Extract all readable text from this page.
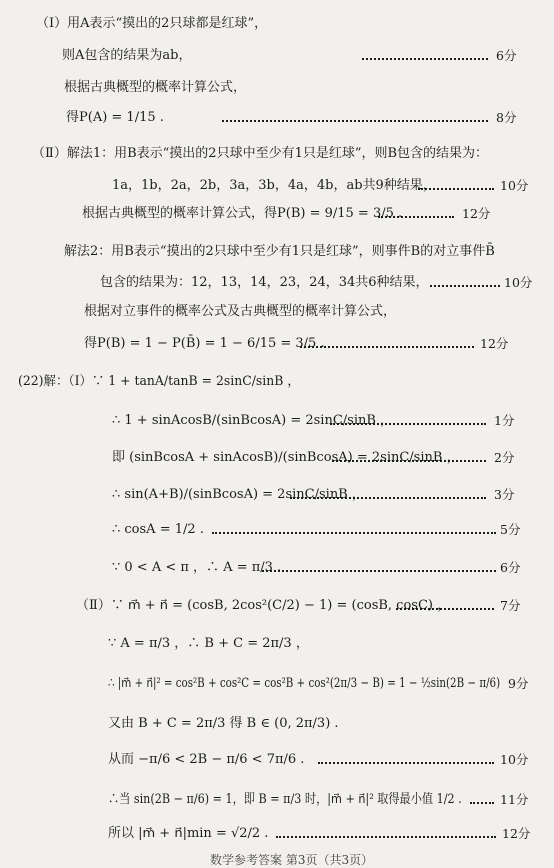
（Ⅰ）用A表示“摸出的2只球都是红球”，
则A包含的结果为ab，
根据古典概型的概率计算公式，
得P(A) = 1/15 .
（Ⅱ）解法1：用B表示“摸出的2只球中至少有1只是红球”，则B包含的结果为：
1a，1b，2a，2b，3a，3b，4a，4b，ab共9种结果，
根据古典概型的概率计算公式，得P(B) = 9/15 = 3/5 .
解法2：用B表示“摸出的2只球中至少有1只是红球”，则事件B的对立事件B̄
包含的结果为：12，13，14，23，24，34共6种结果，
根据对立事件的概率公式及古典概型的概率计算公式，
得P(B) = 1 − P(B̄) = 1 − 6/15 = 3/5 .
(22)解：（Ⅰ）∵ 1 + tanA/tanB = 2sinC/sinB ，
∴ 1 + sinAcosB/(sinBcosA) = 2sinC/sinB ，
即 (sinBcosA + sinAcosB)/(sinBcosA) = 2sinC/sinB ，
∴ sin(A+B)/(sinBcosA) = 2sinC/sinB ，
∴ cosA = 1/2 .
∵ 0 < A < π ，∴ A = π/3 .
（Ⅱ）∵ m⃗ + n⃗ = (cosB, 2cos²(C/2) − 1) = (cosB, cosC) ，
∵ A = π/3 ，∴ B + C = 2π/3 ，
∴ |m⃗ + n⃗|² = cos²B + cos²C = cos²B + cos²(2π/3 − B) = 1 − ½sin(2B − π/6)
又由 B + C = 2π/3 得 B ∈ (0, 2π/3) .
从而 −π/6 < 2B − π/6 < 7π/6 .
∴当 sin(2B − π/6) = 1，即 B = π/3 时，|m⃗ + n⃗|² 取得最小值 1/2 .
所以 |m⃗ + n⃗|min = √2/2 .
6分
8分
10分
12分
10分
12分
1分
2分
3分
5分
6分
7分
9分
10分
11分
12分
数学参考答案 第3页（共3页）
